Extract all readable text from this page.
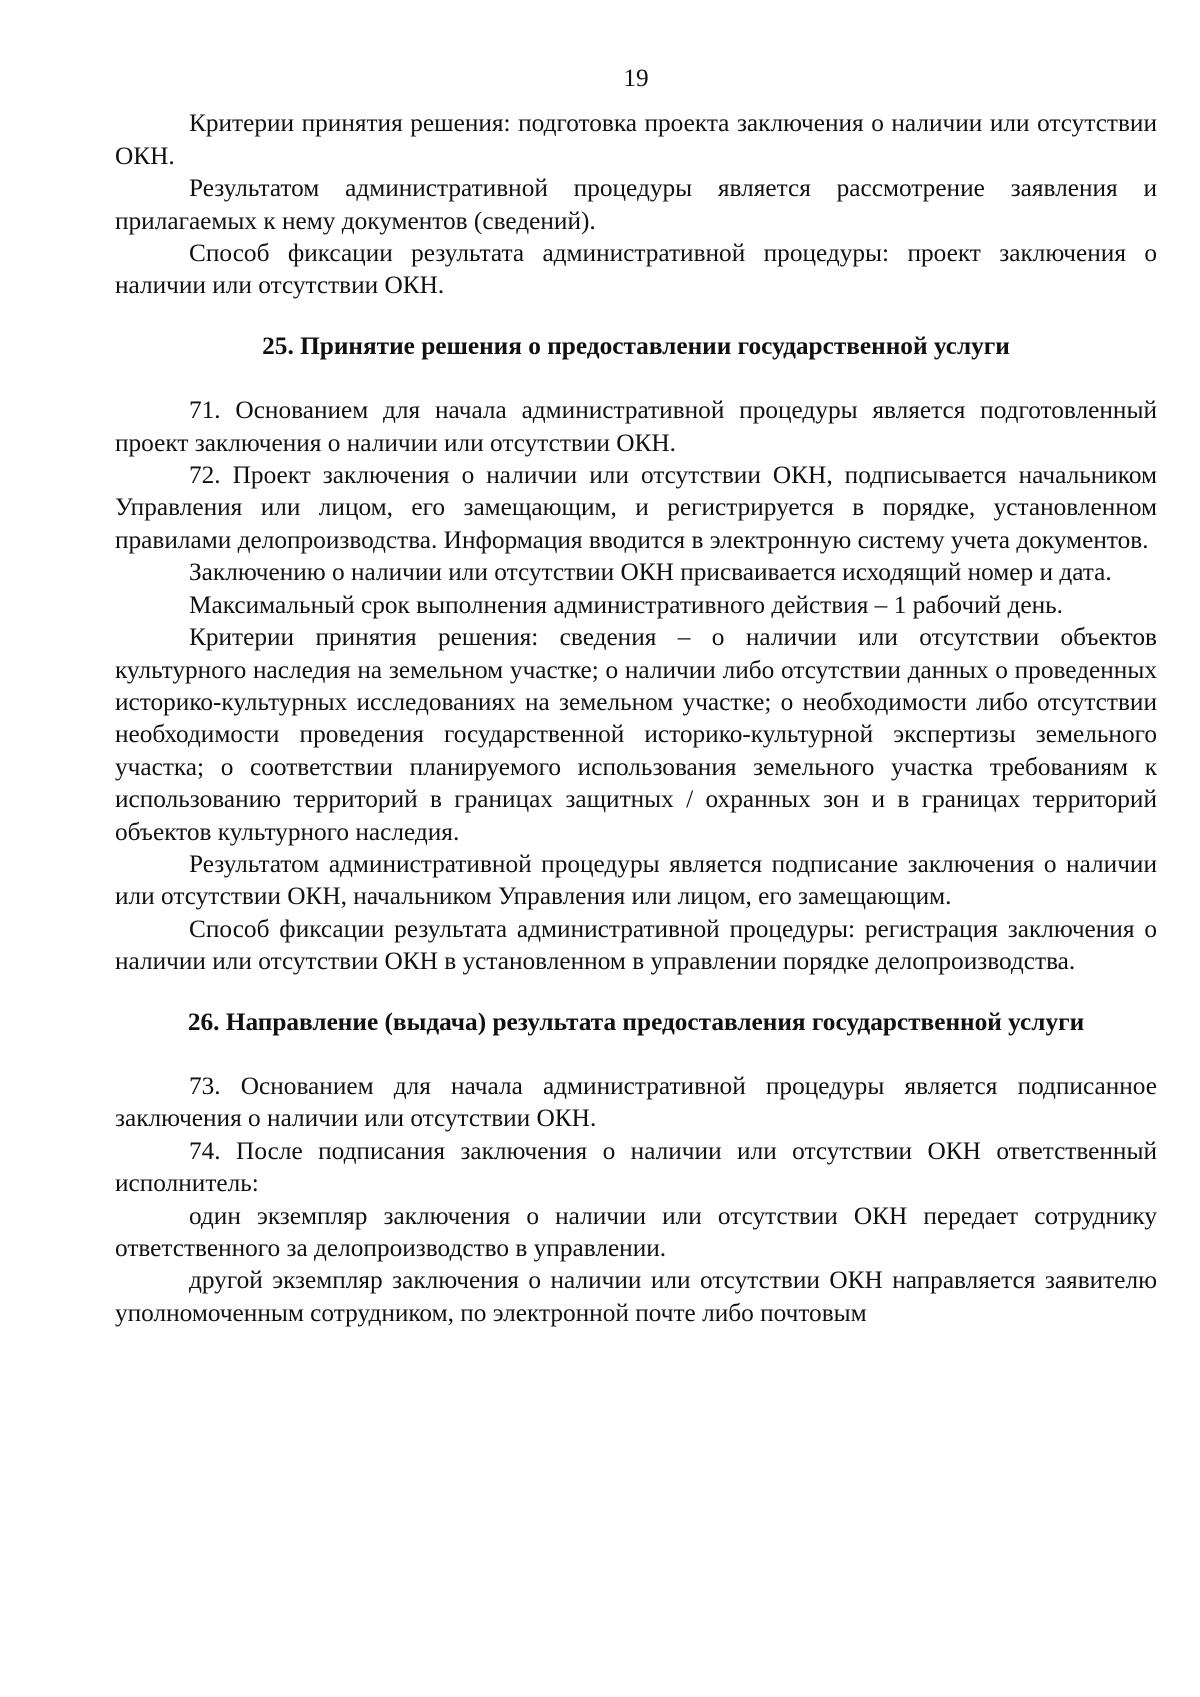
19

Критерии принятия решения: подготовка проекта заключения о наличии или отсутствии ОКН.

Результатом административной процедуры является рассмотрение заявления и прилагаемых к нему документов (сведений).

Способ фиксации результата административной процедуры: проект заключения о наличии или отсутствии ОКН.

25. Принятие решения о предоставлении государственной услуги

71. Основанием для начала административной процедуры является подготовленный проект заключения о наличии или отсутствии ОКН.

72. Проект заключения о наличии или отсутствии ОКН, подписывается начальником Управления или лицом, его замещающим, и регистрируется в порядке, установленном правилами делопроизводства. Информация вводится в электронную систему учета документов.

Заключению о наличии или отсутствии ОКН присваивается исходящий номер и дата.

Максимальный срок выполнения административного действия – 1 рабочий день.

Критерии принятия решения: сведения – о наличии или отсутствии объектов культурного наследия на земельном участке; о наличии либо отсутствии данных о проведенных историко-культурных исследованиях на земельном участке; о необходимости либо отсутствии необходимости проведения государственной историко-культурной экспертизы земельного участка; о соответствии планируемого использования земельного участка требованиям к использованию территорий в границах защитных / охранных зон и в границах территорий объектов культурного наследия.

Результатом административной процедуры является подписание заключения о наличии или отсутствии ОКН, начальником Управления или лицом, его замещающим.

Способ фиксации результата административной процедуры: регистрация заключения о наличии или отсутствии ОКН в установленном в управлении порядке делопроизводства.

26. Направление (выдача) результата предоставления государственной услуги

73. Основанием для начала административной процедуры является подписанное заключения о наличии или отсутствии ОКН.

74. После подписания заключения о наличии или отсутствии ОКН ответственный исполнитель:

один экземпляр заключения о наличии или отсутствии ОКН передает сотруднику ответственного за делопроизводство в управлении.

другой экземпляр заключения о наличии или отсутствии ОКН направляется заявителю уполномоченным сотрудником, по электронной почте либо почтовым
